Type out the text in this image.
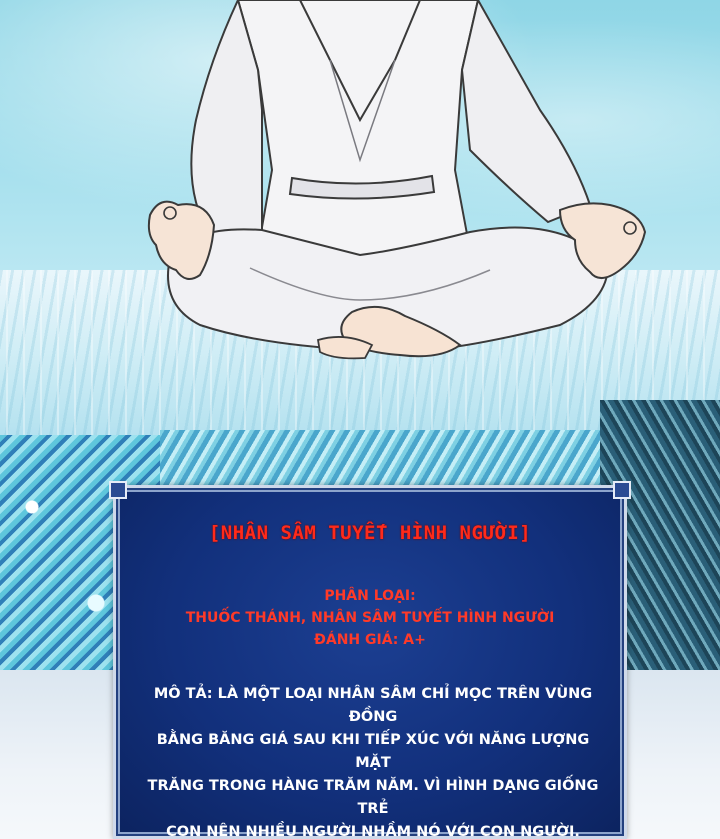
[NHÂN SÂM TUYẾT HÌNH NGƯỜI]
PHÂN LOẠI:
THUỐC THÁNH, NHÂN SÂM TUYẾT HÌNH NGƯỜI
ĐÁNH GIÁ: A+
MÔ TẢ: LÀ MỘT LOẠI NHÂN SÂM CHỈ MỌC TRÊN VÙNG ĐỒNG
BẰNG BĂNG GIÁ SAU KHI TIẾP XÚC VỚI NĂNG LƯỢNG MẶT
TRĂNG TRONG HÀNG TRĂM NĂM. VÌ HÌNH DẠNG GIỐNG TRẺ
CON NÊN NHIỀU NGƯỜI NHẦM NÓ VỚI CON NGƯỜI.
